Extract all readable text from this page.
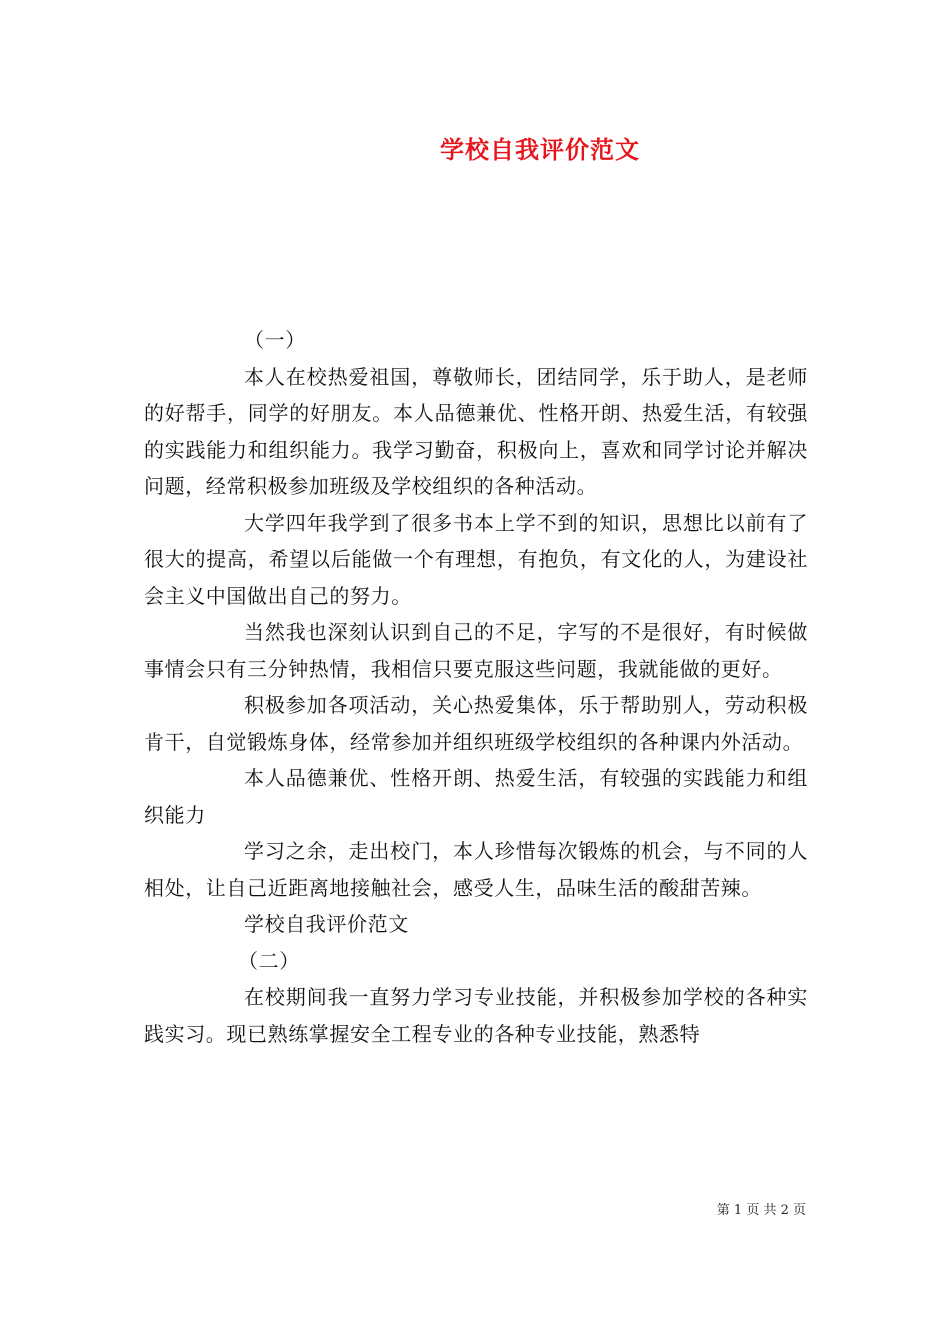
学校自我评价范文

（一）

本人在校热爱祖国，尊敬师长，团结同学，乐于助人，是老师的好帮手，同学的好朋友。本人品德兼优、性格开朗、热爱生活，有较强的实践能力和组织能力。我学习勤奋，积极向上，喜欢和同学讨论并解决问题，经常积极参加班级及学校组织的各种活动。

大学四年我学到了很多书本上学不到的知识，思想比以前有了很大的提高，希望以后能做一个有理想，有抱负，有文化的人，为建设社会主义中国做出自己的努力。

当然我也深刻认识到自己的不足，字写的不是很好，有时候做事情会只有三分钟热情，我相信只要克服这些问题，我就能做的更好。

积极参加各项活动，关心热爱集体，乐于帮助别人，劳动积极肯干，自觉锻炼身体，经常参加并组织班级学校组织的各种课内外活动。

本人品德兼优、性格开朗、热爱生活，有较强的实践能力和组织能力

学习之余，走出校门，本人珍惜每次锻炼的机会，与不同的人相处，让自己近距离地接触社会，感受人生，品味生活的酸甜苦辣。

学校自我评价范文

（二）

在校期间我一直努力学习专业技能，并积极参加学校的各种实践实习。现已熟练掌握安全工程专业的各种专业技能，熟悉特

第 1 页 共 2 页
